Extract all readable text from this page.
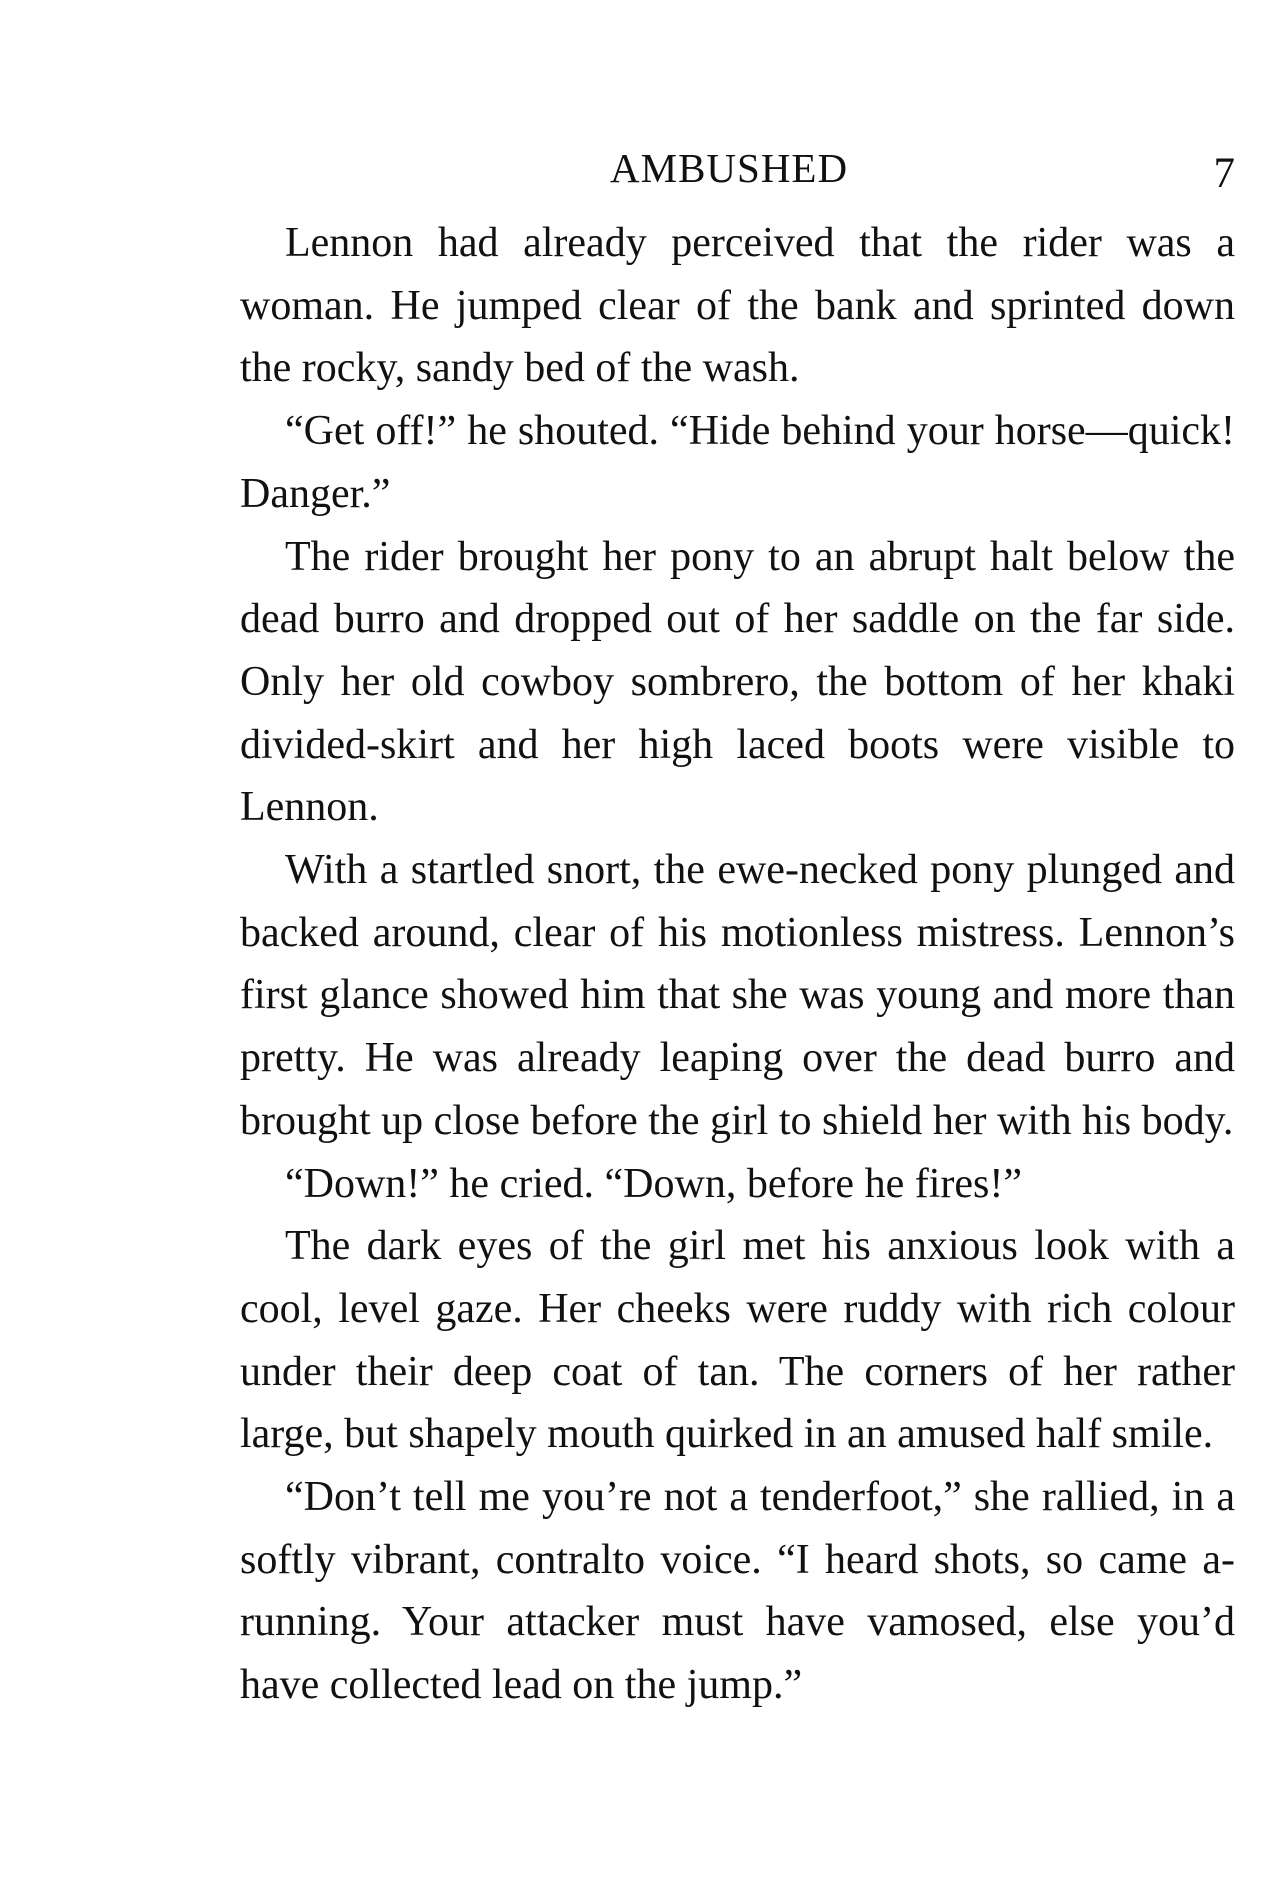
AMBUSHED	7

Lennon had already perceived that the rider was a woman. He jumped clear of the bank and sprinted down the rocky, sandy bed of the wash.

“Get off!” he shouted. “Hide behind your horse—quick! Danger.”

The rider brought her pony to an abrupt halt below the dead burro and dropped out of her saddle on the far side. Only her old cowboy sombrero, the bottom of her khaki divided-skirt and her high laced boots were visible to Lennon.

With a startled snort, the ewe-necked pony plunged and backed around, clear of his motionless mistress. Lennon’s first glance showed him that she was young and more than pretty. He was already leaping over the dead burro and brought up close before the girl to shield her with his body.

“Down!” he cried. “Down, before he fires!”

The dark eyes of the girl met his anxious look with a cool, level gaze. Her cheeks were ruddy with rich colour under their deep coat of tan. The corners of her rather large, but shapely mouth quirked in an amused half smile.

“Don’t tell me you’re not a tenderfoot,” she rallied, in a softly vibrant, contralto voice. “I heard shots, so came a-running. Your attacker must have vamosed, else you’d have collected lead on the jump.”
